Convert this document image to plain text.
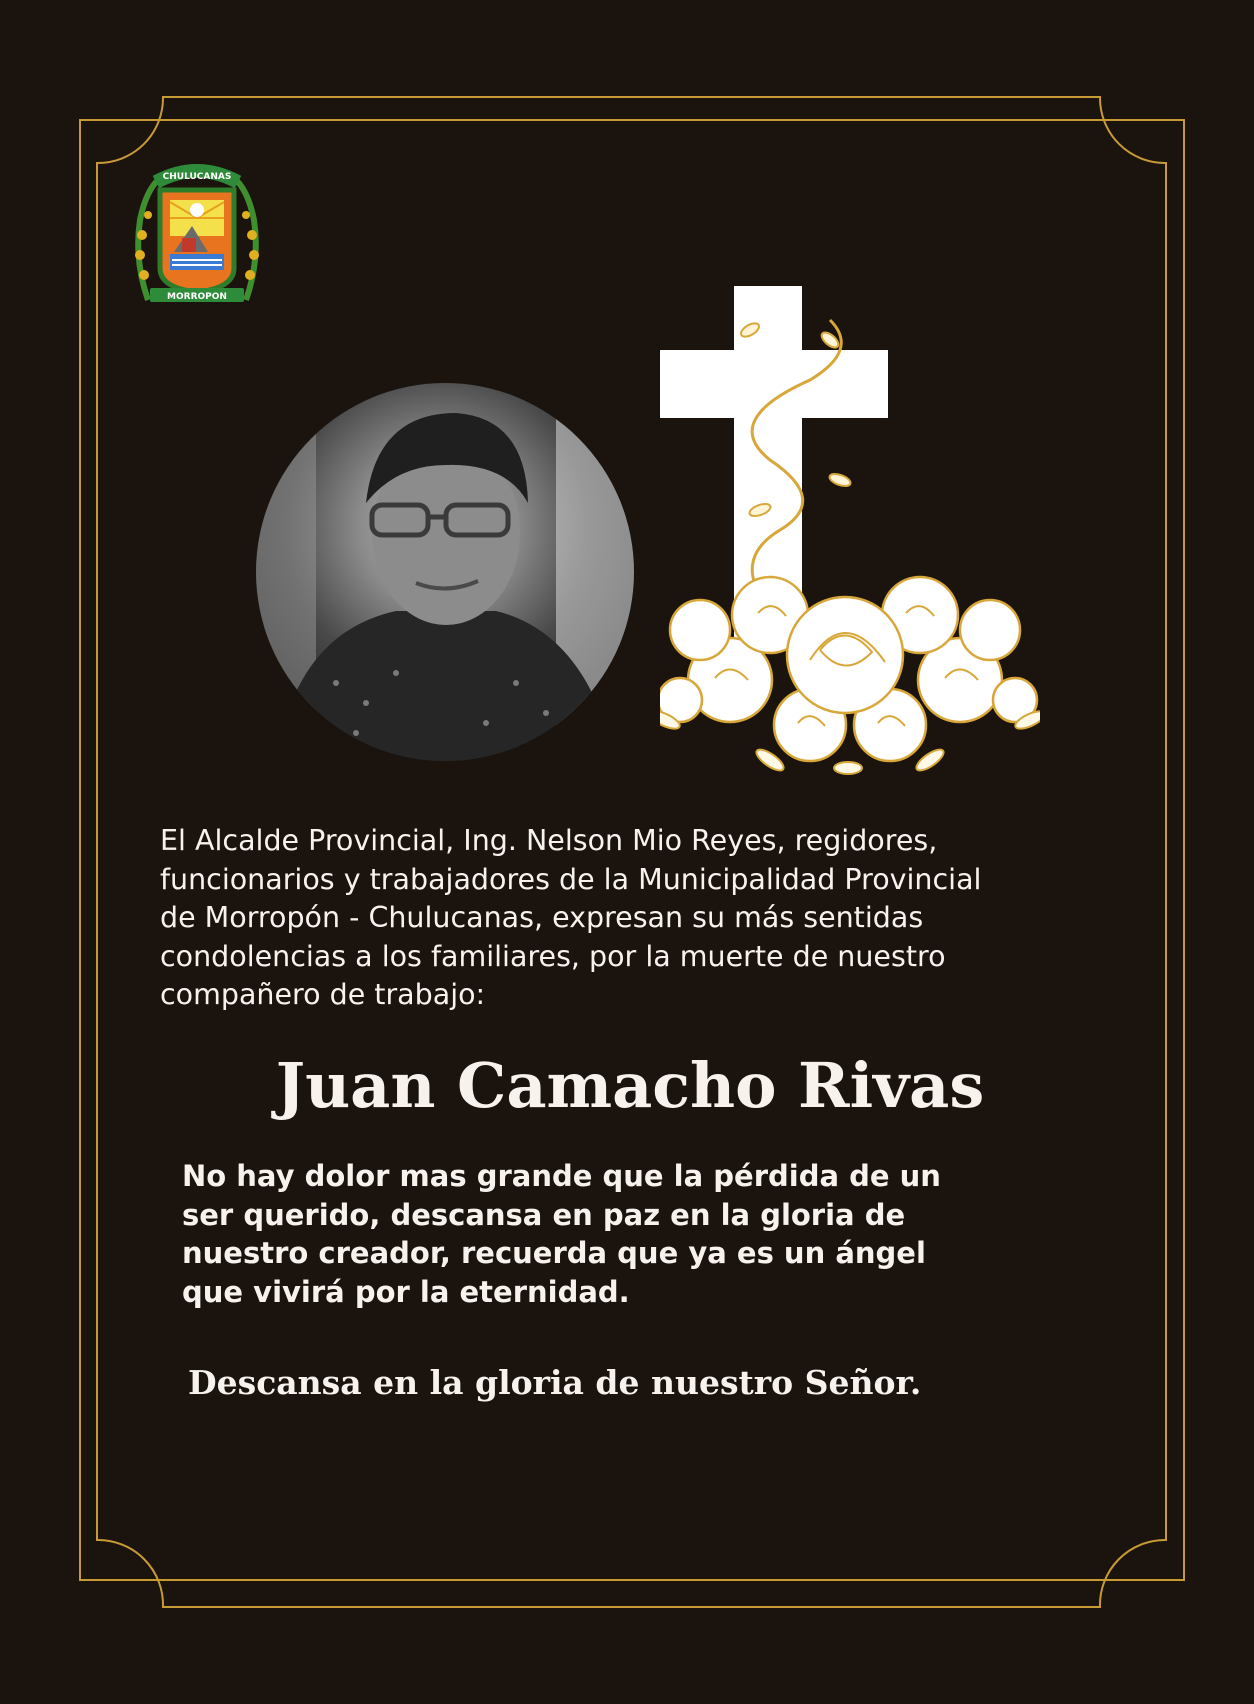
CHULUCANAS
MORROPON
El Alcalde Provincial, Ing. Nelson Mio Reyes, regidores,
funcionarios y trabajadores de la Municipalidad Provincial
de Morropón - Chulucanas, expresan su más sentidas
condolencias a los familiares, por la muerte de nuestro
compañero de trabajo:
Juan Camacho Rivas
No hay dolor mas grande que la pérdida de un
ser querido, descansa en paz en la gloria de
nuestro creador, recuerda que ya es un ángel
que vivirá por la eternidad.
Descansa en la gloria de nuestro Señor.
